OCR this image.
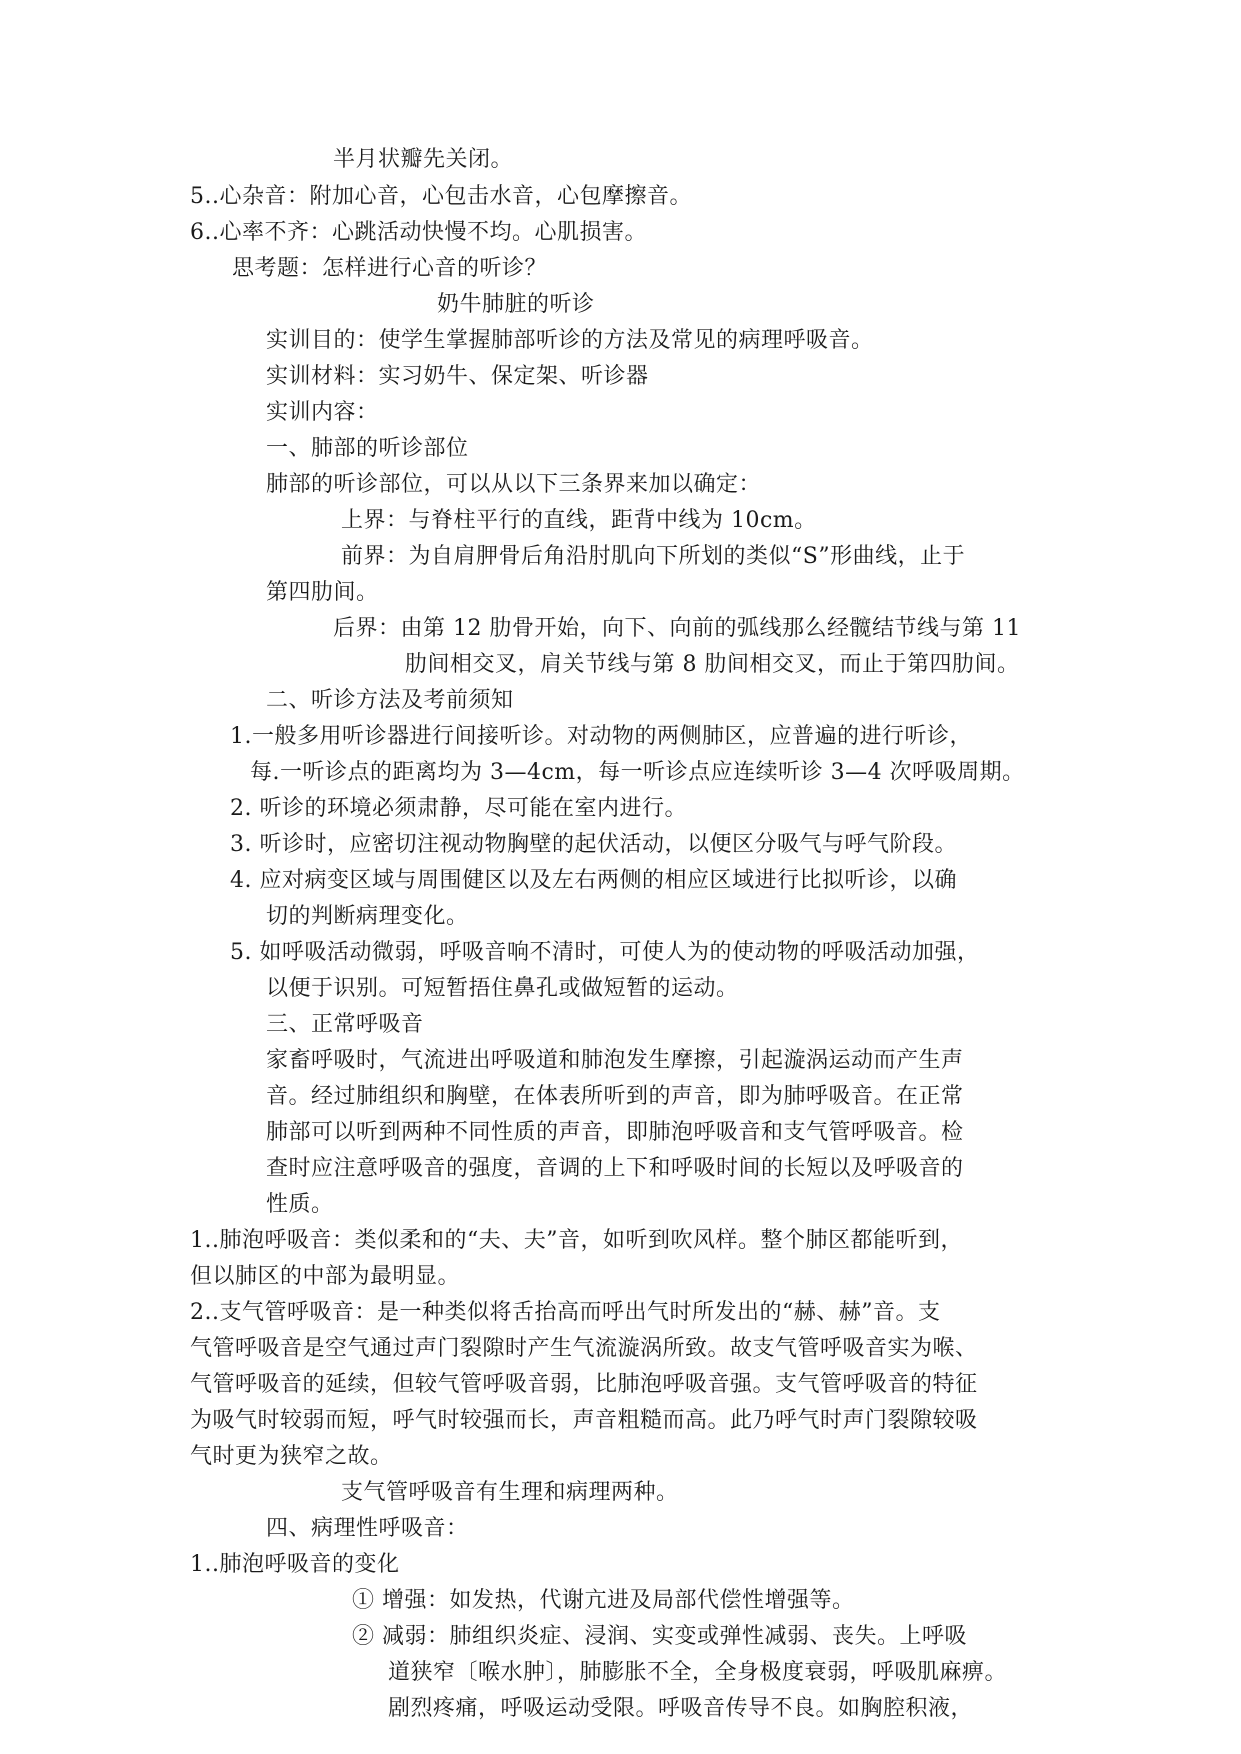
半月状瓣先关闭。
5..心杂音：附加心音，心包击水音，心包摩擦音。
6..心率不齐：心跳活动快慢不均。心肌损害。
思考题：怎样进行心音的听诊？
奶牛肺脏的听诊
实训目的：使学生掌握肺部听诊的方法及常见的病理呼吸音。
实训材料：实习奶牛、保定架、听诊器
实训内容：
一、肺部的听诊部位
肺部的听诊部位，可以从以下三条界来加以确定：
上界：与脊柱平行的直线，距背中线为 10cm。
前界：为自肩胛骨后角沿肘肌向下所划的类似“S”形曲线，止于
第四肋间。
后界：由第 12 肋骨开始，向下、向前的弧线那么经髋结节线与第 11
肋间相交叉，肩关节线与第 8 肋间相交叉，而止于第四肋间。
二、听诊方法及考前须知
1.一般多用听诊器进行间接听诊。对动物的两侧肺区，应普遍的进行听诊，
每.一听诊点的距离均为 3—4cm，每一听诊点应连续听诊 3—4 次呼吸周期。
2. 听诊的环境必须肃静，尽可能在室内进行。
3. 听诊时，应密切注视动物胸壁的起伏活动，以便区分吸气与呼气阶段。
4. 应对病变区域与周围健区以及左右两侧的相应区域进行比拟听诊，以确
切的判断病理变化。
5. 如呼吸活动微弱，呼吸音响不清时，可使人为的使动物的呼吸活动加强，
以便于识别。可短暂捂住鼻孔或做短暂的运动。
三、正常呼吸音
家畜呼吸时，气流进出呼吸道和肺泡发生摩擦，引起漩涡运动而产生声
音。经过肺组织和胸壁，在体表所听到的声音，即为肺呼吸音。在正常
肺部可以听到两种不同性质的声音，即肺泡呼吸音和支气管呼吸音。检
查时应注意呼吸音的强度，音调的上下和呼吸时间的长短以及呼吸音的
性质。
1..肺泡呼吸音：类似柔和的“夫、夫”音，如听到吹风样。整个肺区都能听到，
但以肺区的中部为最明显。
2..支气管呼吸音：是一种类似将舌抬高而呼出气时所发出的“赫、赫”音。支
气管呼吸音是空气通过声门裂隙时产生气流漩涡所致。故支气管呼吸音实为喉、
气管呼吸音的延续，但较气管呼吸音弱，比肺泡呼吸音强。支气管呼吸音的特征
为吸气时较弱而短，呼气时较强而长，声音粗糙而高。此乃呼气时声门裂隙较吸
气时更为狭窄之故。
支气管呼吸音有生理和病理两种。
四、病理性呼吸音：
1..肺泡呼吸音的变化
① 增强：如发热，代谢亢进及局部代偿性增强等。
② 减弱：肺组织炎症、浸润、实变或弹性减弱、丧失。上呼吸
道狭窄〔喉水肿〕，肺膨胀不全，全身极度衰弱，呼吸肌麻痹。
剧烈疼痛，呼吸运动受限。呼吸音传导不良。如胸腔积液，
